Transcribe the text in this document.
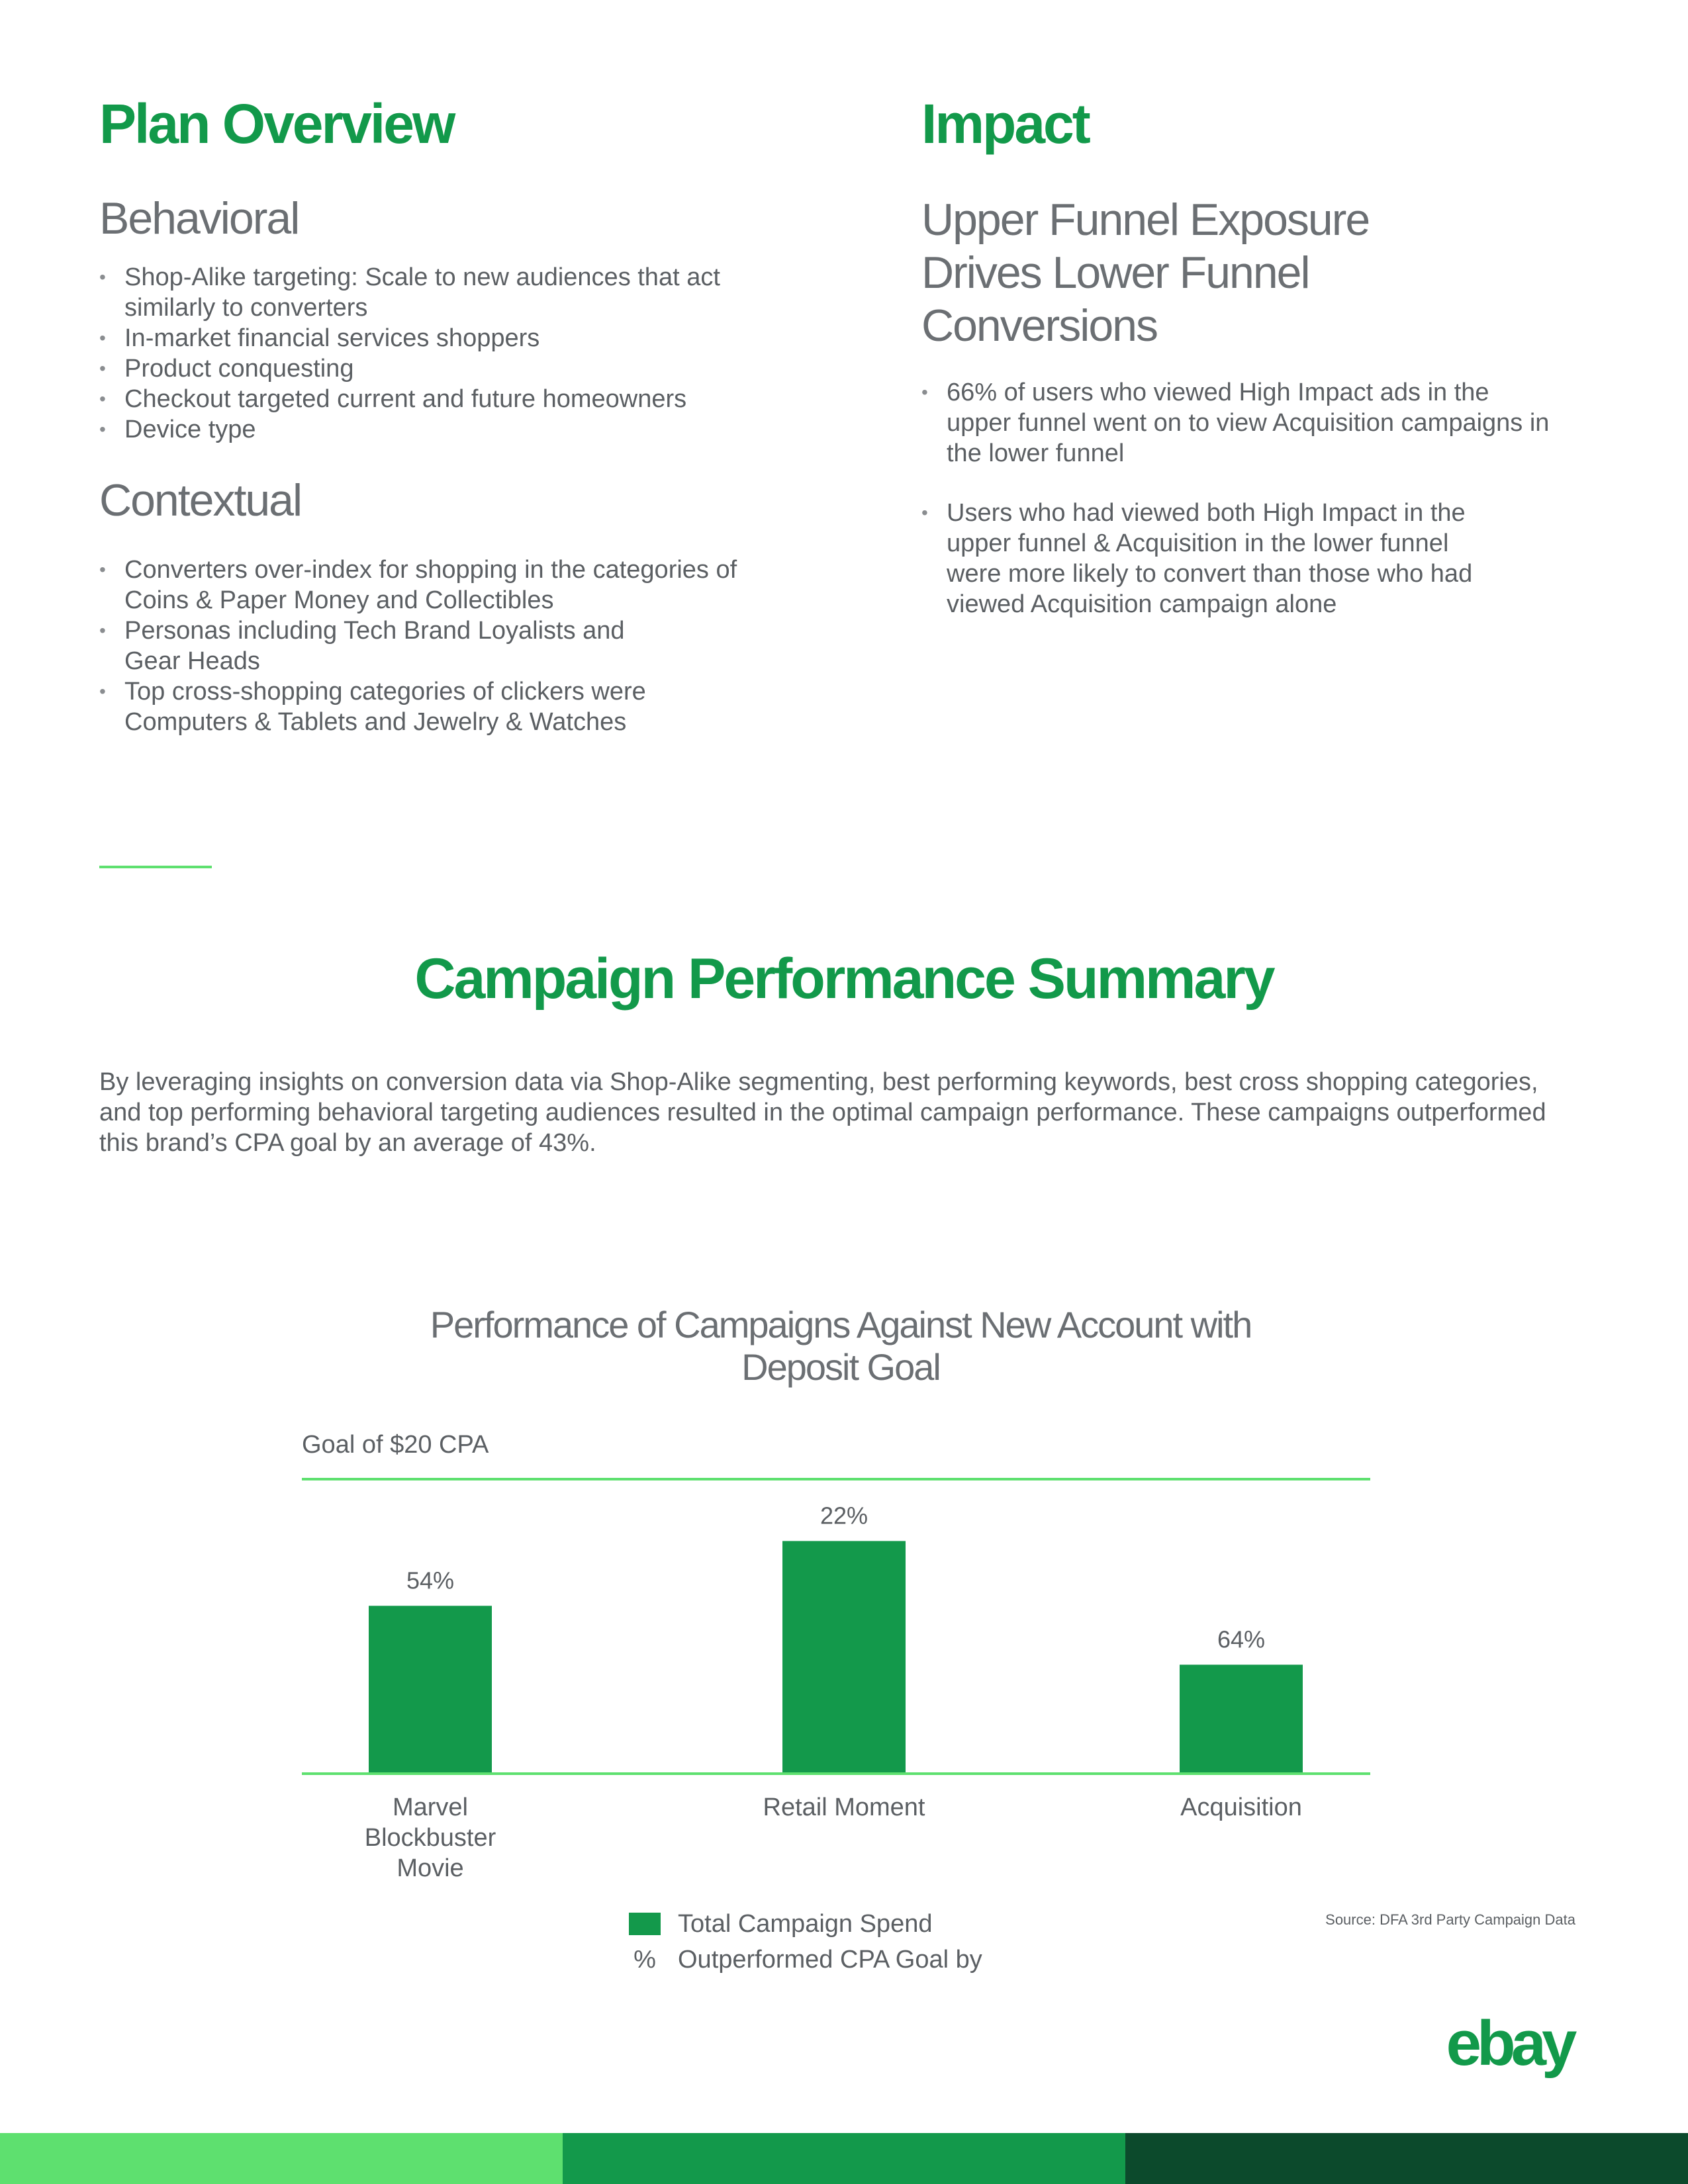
Plan Overview
Behavioral
• Shop-Alike targeting: Scale to new audiences that act similarly to converters
• In-market financial services shoppers
• Product conquesting
• Checkout targeted current and future homeowners
• Device type
Contextual
• Converters over-index for shopping in the categories of Coins & Paper Money and Collectibles
• Personas including Tech Brand Loyalists and Gear Heads
• Top cross-shopping categories of clickers were Computers & Tablets and Jewelry & Watches
Impact
Upper Funnel Exposure Drives Lower Funnel Conversions
• 66% of users who viewed High Impact ads in the upper funnel went on to view Acquisition campaigns in the lower funnel
• Users who had viewed both High Impact in the upper funnel & Acquisition in the lower funnel were more likely to convert than those who had viewed Acquisition campaign alone
Campaign Performance Summary

By leveraging insights on conversion data via Shop-Alike segmenting, best performing keywords, best cross shopping categories, and top performing behavioral targeting audiences resulted in the optimal campaign performance. These campaigns outperformed this brand’s CPA goal by an average of 43%.

Performance of Campaigns Against New Account with Deposit Goal
Goal of $20 CPA
54%
22%
64%
Marvel Blockbuster Movie
Retail Moment	Acquisition
Total Campaign Spend
% Outperformed CPA Goal by
Source: DFA 3rd Party Campaign Data
ebay
